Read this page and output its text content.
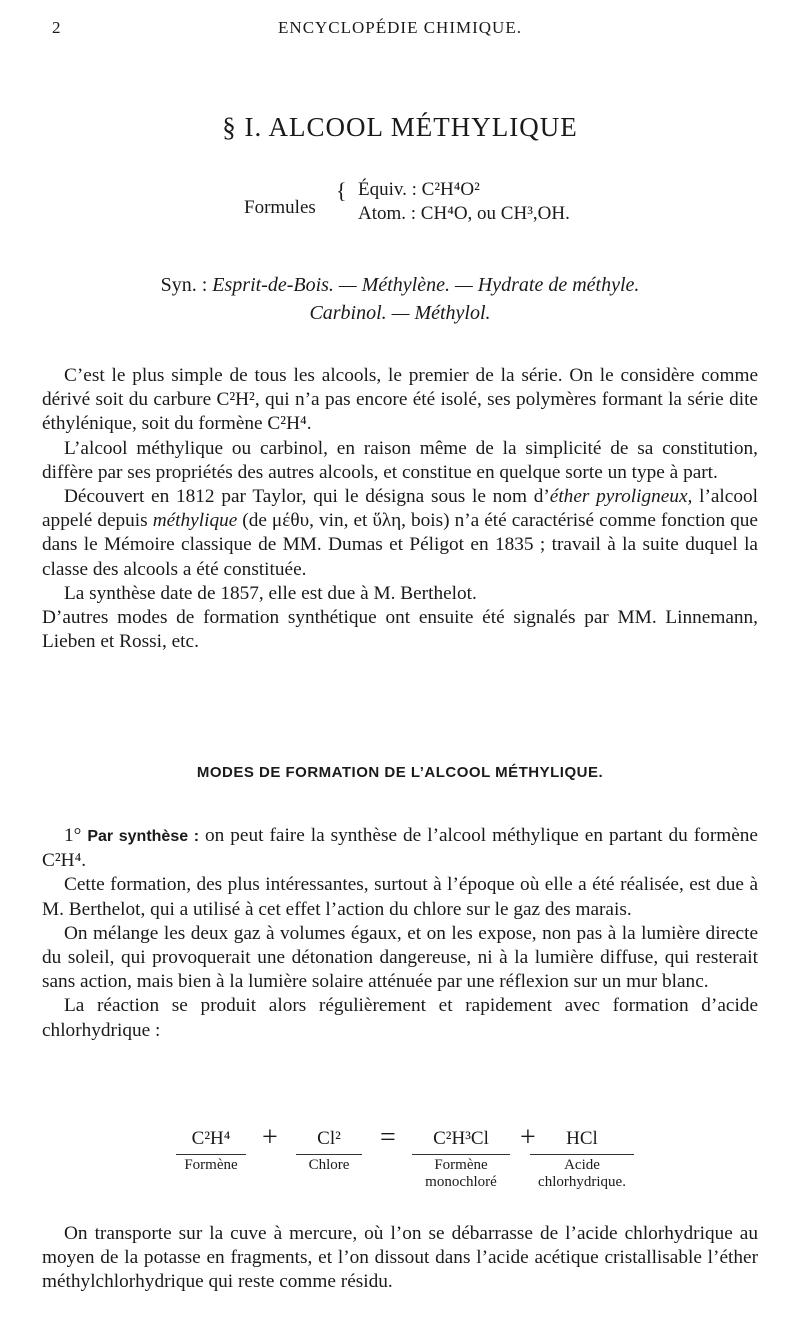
2	ENCYCLOPÉDIE CHIMIQUE.
§ I. ALCOOL MÉTHYLIQUE
Formules
{ Équiv. : C²H⁴O²
Atom. : CH⁴O, ou CH³,OH.
Syn. : Esprit-de-Bois. — Méthylène. — Hydrate de méthyle.
Carbinol. — Méthylol.

C’est le plus simple de tous les alcools, le premier de la série. On le considère comme dérivé soit du carbure C²H², qui n’a pas encore été isolé, ses polymères formant la série dite éthylénique, soit du formène C²H⁴.

L’alcool méthylique ou carbinol, en raison même de la simplicité de sa constitution, diffère par ses propriétés des autres alcools, et constitue en quelque sorte un type à part.

Découvert en 1812 par Taylor, qui le désigna sous le nom d’éther pyroligneux, l’alcool appelé depuis méthylique (de μέθυ, vin, et ὕλη, bois) n’a été caractérisé comme fonction que dans le Mémoire classique de MM. Dumas et Péligot en 1835 ; travail à la suite duquel la classe des alcools a été constituée.

La synthèse date de 1857, elle est due à M. Berthelot.

D’autres modes de formation synthétique ont ensuite été signalés par MM. Linnemann, Lieben et Rossi, etc.

MODES DE FORMATION DE L’ALCOOL MÉTHYLIQUE.

1° Par synthèse : on peut faire la synthèse de l’alcool méthylique en partant du formène C²H⁴.

Cette formation, des plus intéressantes, surtout à l’époque où elle a été réalisée, est due à M. Berthelot, qui a utilisé à cet effet l’action du chlore sur le gaz des marais.

On mélange les deux gaz à volumes égaux, et on les expose, non pas à la lumière directe du soleil, qui provoquerait une détonation dangereuse, ni à la lumière diffuse, qui resterait sans action, mais bien à la lumière solaire atténuée par une réflexion sur un mur blanc.

La réaction se produit alors régulièrement et rapidement avec formation d’acide chlorhydrique :

C²H⁴
Formène
+	Cl²
Chlore
=	C²H³Cl
Formène monochloré
+	HCl
Acide chlorhydrique.

On transporte sur la cuve à mercure, où l’on se débarrasse de l’acide chlorhydrique au moyen de la potasse en fragments, et l’on dissout dans l’acide acétique cristallisable l’éther méthylchlorhydrique qui reste comme résidu.
